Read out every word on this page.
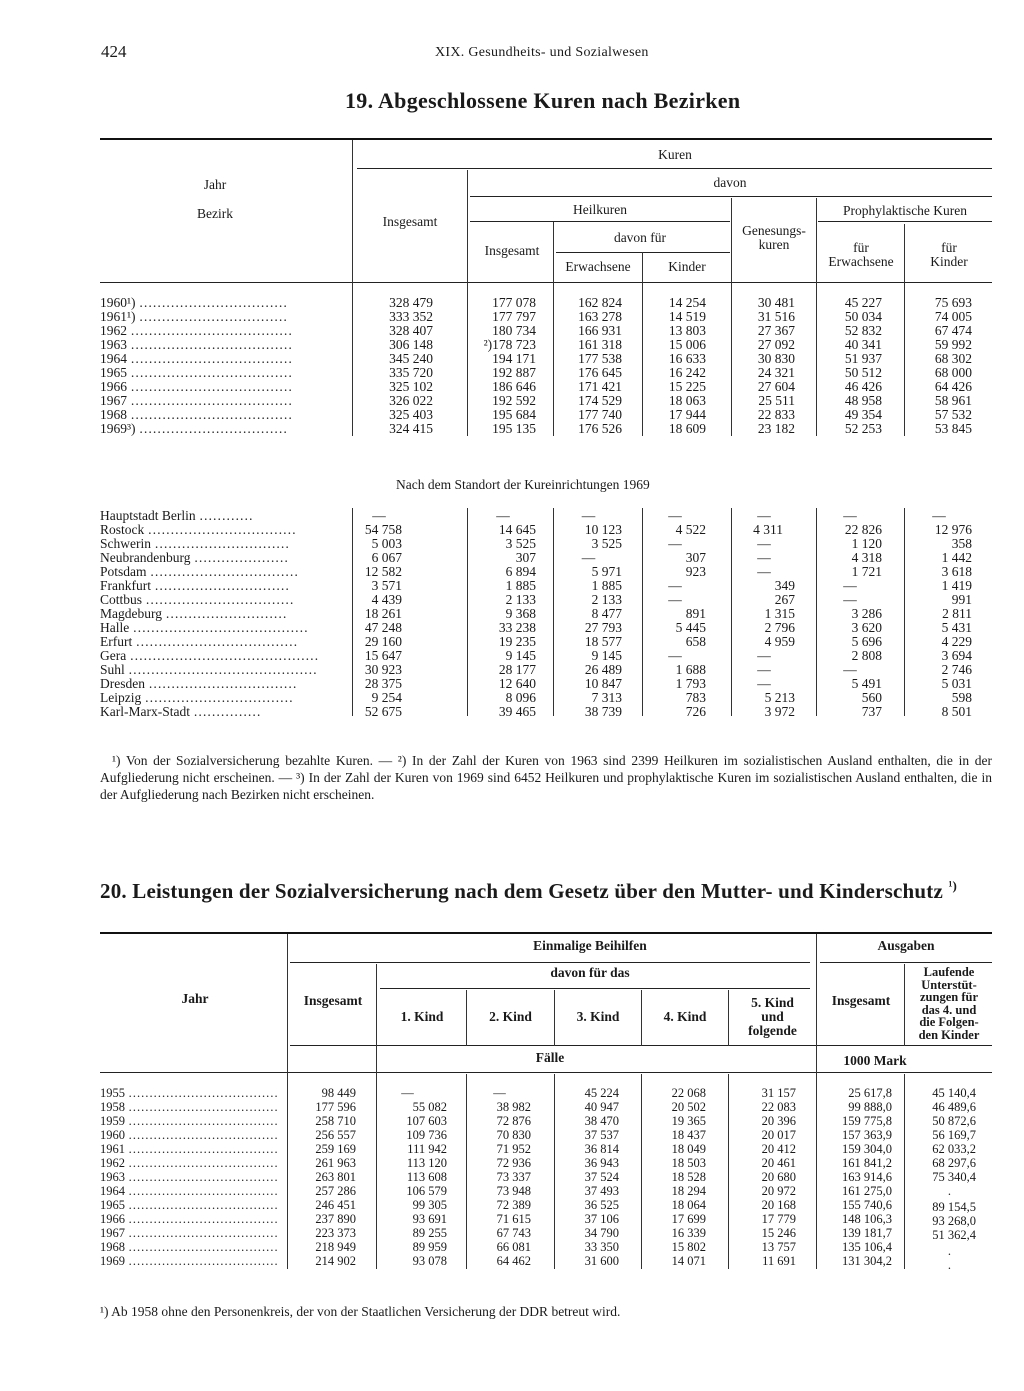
424	XIX. Gesundheits- und Sozialwesen
19. Abgeschlossene Kuren nach Bezirken
Jahr
Bezirk
Kuren
davon
Insgesamt
Heilkuren
davon für
Insgesamt
Erwachsene	Kinder
Genesungs-
kuren
Prophylaktische Kuren
für
Erwachsene
für
Kinder
1960¹) ……………………………	328 479	177 078	162 824	14 254	30 481	45 227	75 693
1961¹) ……………………………	333 352	177 797	163 278	14 519	31 516	50 034	74 005
1962 ………………………………	328 407	180 734	166 931	13 803	27 367	52 832	67 474
1963 ………………………………	306 148	²)178 723	161 318	15 006	27 092	40 341	59 992
1964 ………………………………	345 240	194 171	177 538	16 633	30 830	51 937	68 302
1965 ………………………………	335 720	192 887	176 645	16 242	24 321	50 512	68 000
1966 ………………………………	325 102	186 646	171 421	15 225	27 604	46 426	64 426
1967 ………………………………	326 022	192 592	174 529	18 063	25 511	48 958	58 961
1968 ………………………………	325 403	195 684	177 740	17 944	22 833	49 354	57 532
1969³) ……………………………	324 415	195 135	176 526	18 609	23 182	52 253	53 845
Nach dem Standort der Kureinrichtungen 1969
Hauptstadt Berlin …………	—	—	—	—	—	—	—
Rostock ……………………………	54 758	14 645	10 123	4 522	4 311	22 826	12 976
Schwerin …………………………	5 003	3 525	3 525	—	—	1 120	358
Neubrandenburg …………………	6 067	307	—	307	—	4 318	1 442
Potsdam ……………………………	12 582	6 894	5 971	923	—	1 721	3 618
Frankfurt …………………………	3 571	1 885	1 885	—	349	—	1 419
Cottbus ……………………………	4 439	2 133	2 133	—	267	—	991
Magdeburg ………………………	18 261	9 368	8 477	891	1 315	3 286	2 811
Halle …………………………………	47 248	33 238	27 793	5 445	2 796	3 620	5 431
Erfurt ………………………………	29 160	19 235	18 577	658	4 959	5 696	4 229
Gera ……………………………………	15 647	9 145	9 145	—	—	2 808	3 694
Suhl ……………………………………	30 923	28 177	26 489	1 688	—	—	2 746
Dresden ……………………………	28 375	12 640	10 847	1 793	—	5 491	5 031
Leipzig ……………………………	9 254	8 096	7 313	783	5 213	560	598
Karl-Marx-Stadt ……………	52 675	39 465	38 739	726	3 972	737	8 501
¹) Von der Sozialversicherung bezahlte Kuren. — ²) In der Zahl der Kuren von 1963 sind 2399 Heilkuren im sozialistischen Ausland enthalten, die in der Aufgliederung nicht erscheinen. — ³) In der Zahl der Kuren von 1969 sind 6452 Heilkuren und prophylaktische Kuren im sozialistischen Ausland enthalten, die in der Aufgliederung nach Bezirken nicht erscheinen.
20. Leistungen der Sozialversicherung nach dem Gesetz über den Mutter- und Kinderschutz $^{^1)}$
Jahr
Einmalige Beihilfen	Ausgaben
Insgesamt
davon für das
1. Kind	2. Kind	3. Kind	4. Kind
5. Kind
und
folgende
Insgesamt
Laufende
Unterstüt-
zungen für
das 4. und
die Folgen-
den Kinder
Fälle	1000 Mark
1955 ………………………………	98 449	—	—	45 224	22 068	31 157	25 617,8	45 140,4
1958 ………………………………	177 596	55 082	38 982	40 947	20 502	22 083	99 888,0	46 489,6
1959 ………………………………	258 710	107 603	72 876	38 470	19 365	20 396	159 775,8	50 872,6
1960 ………………………………	256 557	109 736	70 830	37 537	18 437	20 017	157 363,9	56 169,7
1961 ………………………………	259 169	111 942	71 952	36 814	18 049	20 412	159 304,0	62 033,2
1962 ………………………………	261 963	113 120	72 936	36 943	18 503	20 461	161 841,2	68 297,6
1963 ………………………………	263 801	113 608	73 337	37 524	18 528	20 680	163 914,6	75 340,4
1964 ………………………………	257 286	106 579	73 948	37 493	18 294	20 972	161 275,0	.
1965 ………………………………	246 451	99 305	72 389	36 525	18 064	20 168	155 740,6	89 154,5
1966 ………………………………	237 890	93 691	71 615	37 106	17 699	17 779	148 106,3	93 268,0
1967 ………………………………	223 373	89 255	67 743	34 790	16 339	15 246	139 181,7	51 362,4
1968 ………………………………	218 949	89 959	66 081	33 350	15 802	13 757	135 106,4	.
1969 ………………………………	214 902	93 078	64 462	31 600	14 071	11 691	131 304,2	.
¹) Ab 1958 ohne den Personenkreis, der von der Staatlichen Versicherung der DDR betreut wird.
